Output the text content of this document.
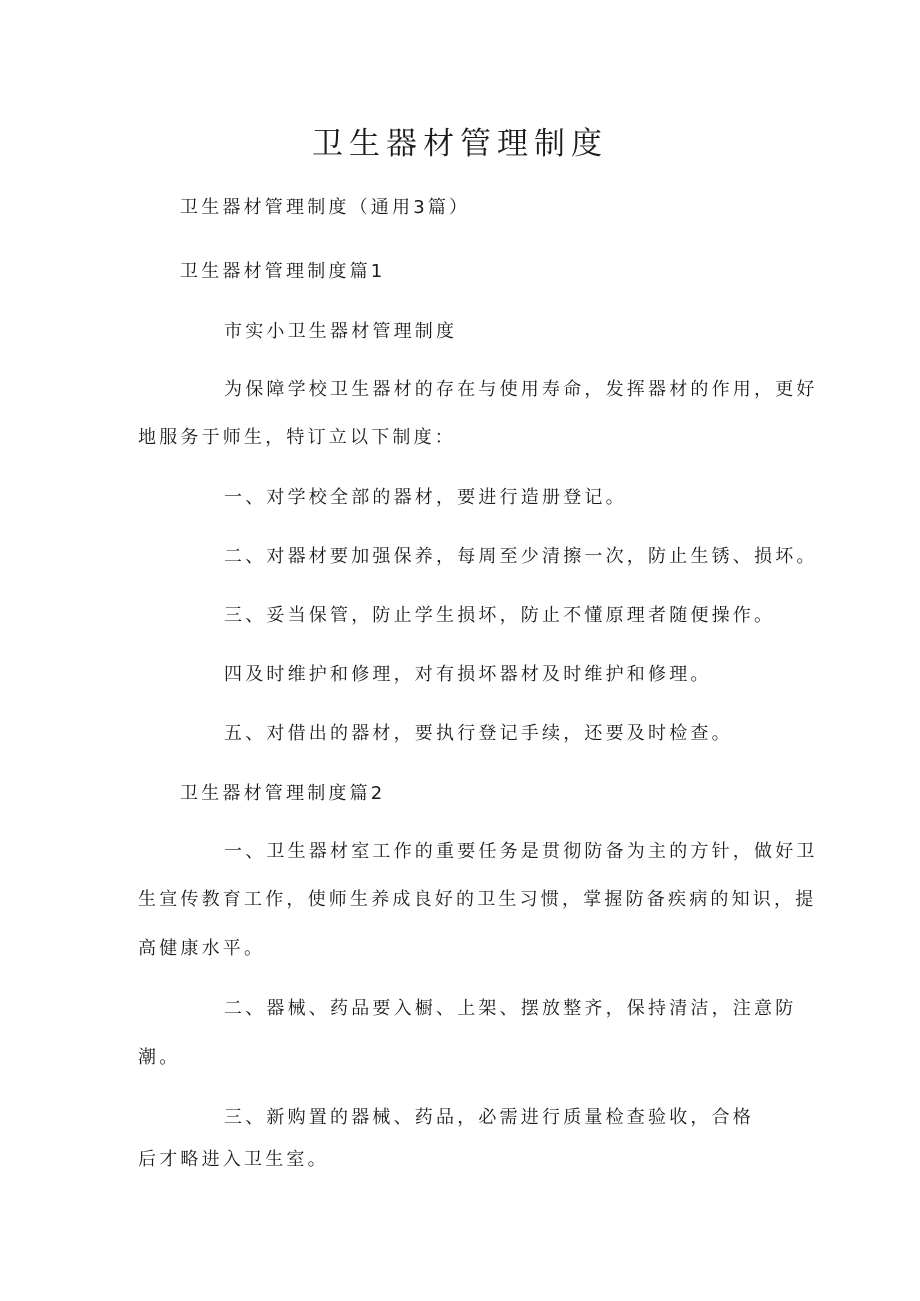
卫生器材管理制度

卫生器材管理制度（通用3篇）

卫生器材管理制度篇1

市实小卫生器材管理制度

为保障学校卫生器材的存在与使用寿命，发挥器材的作用，更好

地服务于师生，特订立以下制度：

一、对学校全部的器材，要进行造册登记。

二、对器材要加强保养，每周至少清擦一次，防止生锈、损坏。

三、妥当保管，防止学生损坏，防止不懂原理者随便操作。

四及时维护和修理，对有损坏器材及时维护和修理。

五、对借出的器材，要执行登记手续，还要及时检查。

卫生器材管理制度篇2

一、卫生器材室工作的重要任务是贯彻防备为主的方针，做好卫

生宣传教育工作，使师生养成良好的卫生习惯，掌握防备疾病的知识，提

高健康水平。

二、器械、药品要入橱、上架、摆放整齐，保持清洁，注意防

潮。

三、新购置的器械、药品，必需进行质量检查验收，合格

后才略进入卫生室。
